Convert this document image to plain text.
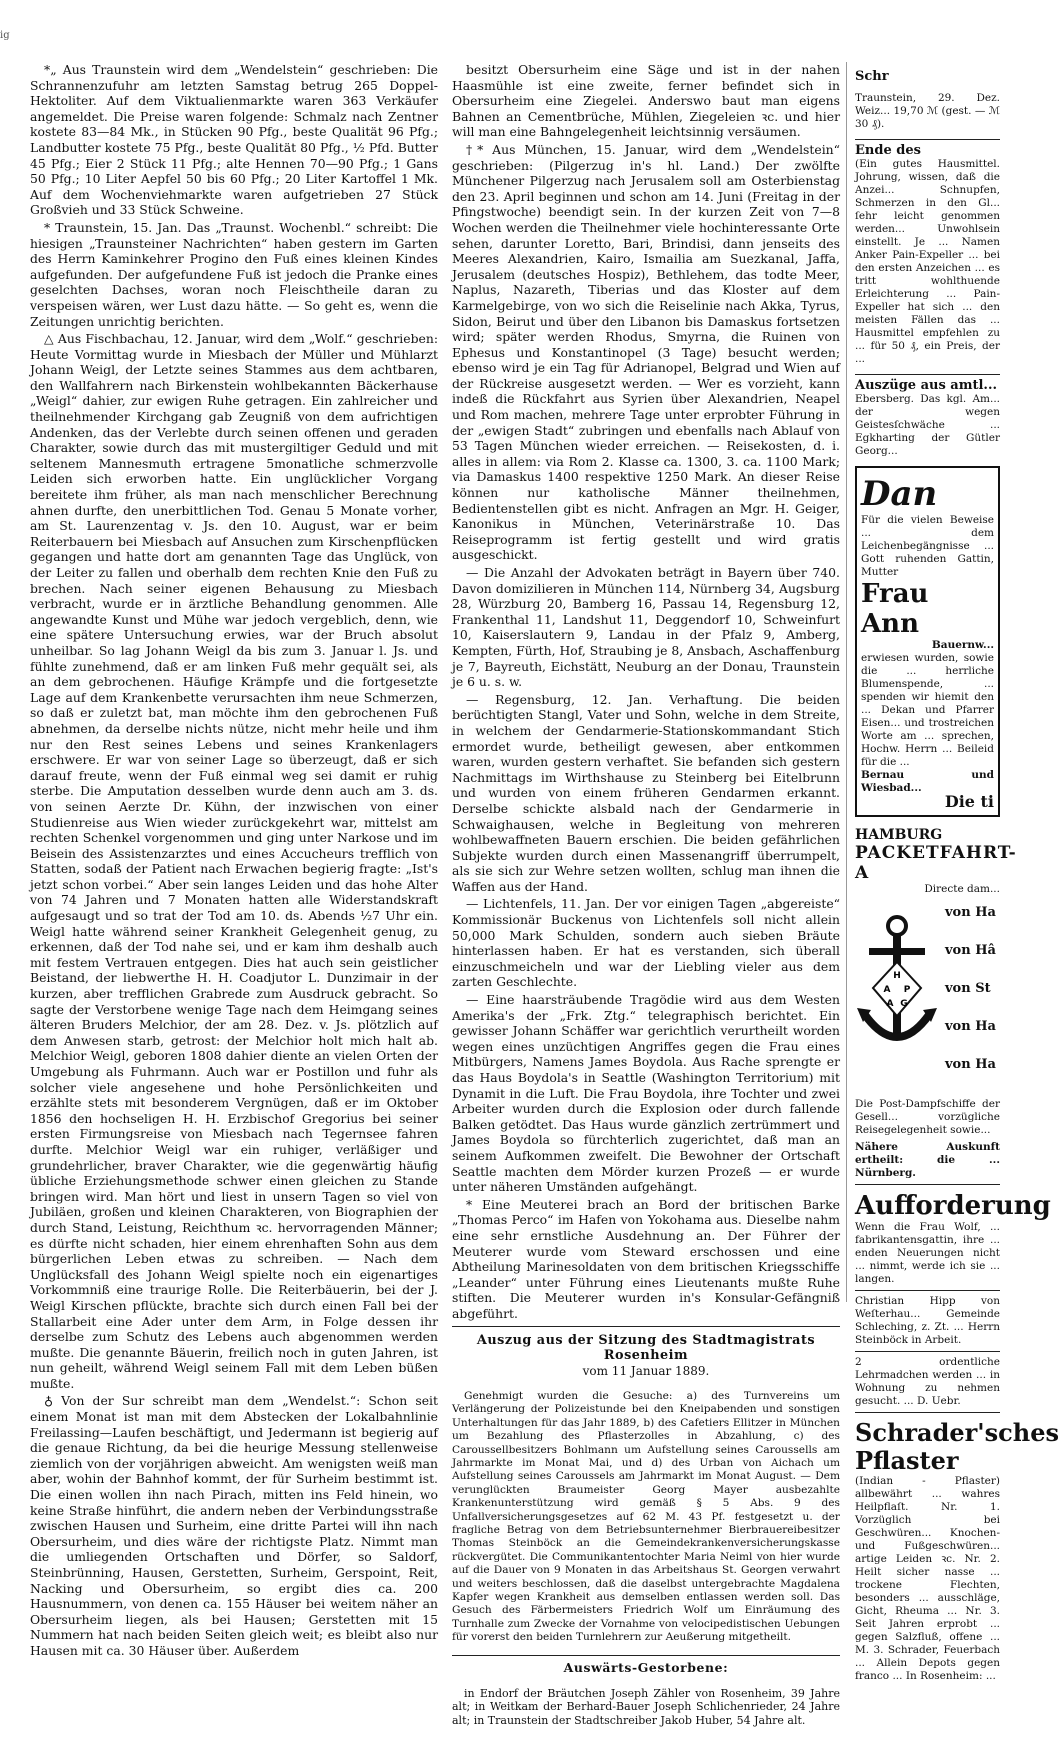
ig

*„ Aus Traunstein wird dem „Wendelstein“ geschrieben: Die Schrannenzufuhr am letzten Samstag betrug 265 Doppel-Hektoliter. Auf dem Viktualienmarkte waren 363 Verkäufer angemeldet. Die Preise waren folgende: Schmalz nach Zentner kostete 83—84 Mk., in Stücken 90 Pfg., beste Qualität 96 Pfg.; Landbutter kostete 75 Pfg., beste Qualität 80 Pfg., ½ Pfd. Butter 45 Pfg.; Eier 2 Stück 11 Pfg.; alte Hennen 70—90 Pfg.; 1 Gans 50 Pfg.; 10 Liter Aepfel 50 bis 60 Pfg.; 20 Liter Kartoffel 1 Mk. Auf dem Wochenviehmarkte waren aufgetrieben 27 Stück Großvieh und 33 Stück Schweine.

* Traunstein, 15. Jan. Das „Traunst. Wochenbl.“ schreibt: Die hiesigen „Traunsteiner Nachrichten“ haben gestern im Garten des Herrn Kaminkehrer Progino den Fuß eines kleinen Kindes aufgefunden. Der aufgefundene Fuß ist jedoch die Pranke eines geselchten Dachses, woran noch Fleischtheile daran zu verspeisen wären, wer Lust dazu hätte. — So geht es, wenn die Zeitungen unrichtig berichten.

△ Aus Fischbachau, 12. Januar, wird dem „Wolf.“ geschrieben: Heute Vormittag wurde in Miesbach der Müller und Mühlarzt Johann Weigl, der Letzte seines Stammes aus dem achtbaren, den Wallfahrern nach Birkenstein wohlbekannten Bäckerhause „Weigl“ dahier, zur ewigen Ruhe getragen. Ein zahlreicher und theilnehmender Kirchgang gab Zeugniß von dem aufrichtigen Andenken, das der Verlebte durch seinen offenen und geraden Charakter, sowie durch das mit mustergiltiger Geduld und mit seltenem Mannesmuth ertragene 5monatliche schmerzvolle Leiden sich erworben hatte. Ein unglücklicher Vorgang bereitete ihm früher, als man nach menschlicher Berechnung ahnen durfte, den unerbittlichen Tod. Genau 5 Monate vorher, am St. Laurenzentag v. Js. den 10. August, war er beim Reiterbauern bei Miesbach auf Ansuchen zum Kirschenpflücken gegangen und hatte dort am genannten Tage das Unglück, von der Leiter zu fallen und oberhalb dem rechten Knie den Fuß zu brechen. Nach seiner eigenen Behausung zu Miesbach verbracht, wurde er in ärztliche Behandlung genommen. Alle angewandte Kunst und Mühe war jedoch vergeblich, denn, wie eine spätere Untersuchung erwies, war der Bruch absolut unheilbar. So lag Johann Weigl da bis zum 3. Januar l. Js. und fühlte zunehmend, daß er am linken Fuß mehr gequält sei, als an dem gebrochenen. Häufige Krämpfe und die fortgesetzte Lage auf dem Krankenbette verursachten ihm neue Schmerzen, so daß er zuletzt bat, man möchte ihm den gebrochenen Fuß abnehmen, da derselbe nichts nütze, nicht mehr heile und ihm nur den Rest seines Lebens und seines Krankenlagers erschwere. Er war von seiner Lage so überzeugt, daß er sich darauf freute, wenn der Fuß einmal weg sei damit er ruhig sterbe. Die Amputation desselben wurde denn auch am 3. ds. von seinen Aerzte Dr. Kühn, der inzwischen von einer Studienreise aus Wien wieder zurückgekehrt war, mittelst am rechten Schenkel vorgenommen und ging unter Narkose und im Beisein des Assistenzarztes und eines Accucheurs trefflich von Statten, sodaß der Patient nach Erwachen begierig fragte: „Ist's jetzt schon vorbei.“ Aber sein langes Leiden und das hohe Alter von 74 Jahren und 7 Monaten hatten alle Widerstandskraft aufgesaugt und so trat der Tod am 10. ds. Abends ½7 Uhr ein. Weigl hatte während seiner Krankheit Gelegenheit genug, zu erkennen, daß der Tod nahe sei, und er kam ihm deshalb auch mit festem Vertrauen entgegen. Dies hat auch sein geistlicher Beistand, der liebwerthe H. H. Coadjutor L. Dunzimair in der kurzen, aber trefflichen Grabrede zum Ausdruck gebracht. So sagte der Verstorbene wenige Tage nach dem Heimgang seines älteren Bruders Melchior, der am 28. Dez. v. Js. plötzlich auf dem Anwesen starb, getrost: der Melchior holt mich halt ab. Melchior Weigl, geboren 1808 dahier diente an vielen Orten der Umgebung als Fuhrmann. Auch war er Postillon und fuhr als solcher viele angesehene und hohe Persönlichkeiten und erzählte stets mit besonderem Vergnügen, daß er im Oktober 1856 den hochseligen H. H. Erzbischof Gregorius bei seiner ersten Firmungsreise von Miesbach nach Tegernsee fahren durfte. Melchior Weigl war ein ruhiger, verläßiger und grundehrlicher, braver Charakter, wie die gegenwärtig häufig übliche Erziehungsmethode schwer einen gleichen zu Stande bringen wird. Man hört und liest in unsern Tagen so viel von Jubiläen, großen und kleinen Charakteren, von Biographien der durch Stand, Leistung, Reichthum ꝛc. hervorragenden Männer; es dürfte nicht schaden, hier einem ehrenhaften Sohn aus dem bürgerlichen Leben etwas zu schreiben. — Nach dem Unglücksfall des Johann Weigl spielte noch ein eigenartiges Vorkommniß eine traurige Rolle. Die Reiterbäuerin, bei der J. Weigl Kirschen pflückte, brachte sich durch einen Fall bei der Stallarbeit eine Ader unter dem Arm, in Folge dessen ihr derselbe zum Schutz des Lebens auch abgenommen werden mußte. Die genannte Bäuerin, freilich noch in guten Jahren, ist nun geheilt, während Weigl seinem Fall mit dem Leben büßen mußte.

♁ Von der Sur schreibt man dem „Wendelst.“: Schon seit einem Monat ist man mit dem Abstecken der Lokalbahnlinie Freilassing—Laufen beschäftigt, und Jedermann ist begierig auf die genaue Richtung, da bei die heurige Messung stellenweise ziemlich von der vorjährigen abweicht. Am wenigsten weiß man aber, wohin der Bahnhof kommt, der für Surheim bestimmt ist. Die einen wollen ihn nach Pirach, mitten ins Feld hinein, wo keine Straße hinführt, die andern neben der Verbindungsstraße zwischen Hausen und Surheim, eine dritte Partei will ihn nach Obersurheim, und dies wäre der richtigste Platz. Nimmt man die umliegenden Ortschaften und Dörfer, so Saldorf, Steinbrünning, Hausen, Gerstetten, Surheim, Gerspoint, Reit, Nacking und Obersurheim, so ergibt dies ca. 200 Hausnummern, von denen ca. 155 Häuser bei weitem näher an Obersurheim liegen, als bei Hausen; Gerstetten mit 15 Nummern hat nach beiden Seiten gleich weit; es bleibt also nur Hausen mit ca. 30 Häuser über. Außerdem

besitzt Obersurheim eine Säge und ist in der nahen Haasmühle ist eine zweite, ferner befindet sich in Obersurheim eine Ziegelei. Anderswo baut man eigens Bahnen an Cementbrüche, Mühlen, Ziegeleien ꝛc. und hier will man eine Bahngelegenheit leichtsinnig versäumen.

†* Aus München, 15. Januar, wird dem „Wendelstein“ geschrieben: (Pilgerzug in's hl. Land.) Der zwölfte Münchener Pilgerzug nach Jerusalem soll am Osterbienstag den 23. April beginnen und schon am 14. Juni (Freitag in der Pfingstwoche) beendigt sein. In der kurzen Zeit von 7—8 Wochen werden die Theilnehmer viele hochinteressante Orte sehen, darunter Loretto, Bari, Brindisi, dann jenseits des Meeres Alexandrien, Kairo, Ismailia am Suezkanal, Jaffa, Jerusalem (deutsches Hospiz), Bethlehem, das todte Meer, Naplus, Nazareth, Tiberias und das Kloster auf dem Karmelgebirge, von wo sich die Reiselinie nach Akka, Tyrus, Sidon, Beirut und über den Libanon bis Damaskus fortsetzen wird; später werden Rhodus, Smyrna, die Ruinen von Ephesus und Konstantinopel (3 Tage) besucht werden; ebenso wird je ein Tag für Adrianopel, Belgrad und Wien auf der Rückreise ausgesetzt werden. — Wer es vorzieht, kann indeß die Rückfahrt aus Syrien über Alexandrien, Neapel und Rom machen, mehrere Tage unter erprobter Führung in der „ewigen Stadt“ zubringen und ebenfalls nach Ablauf von 53 Tagen München wieder erreichen. — Reisekosten, d. i. alles in allem: via Rom 2. Klasse ca. 1300, 3. ca. 1100 Mark; via Damaskus 1400 respektive 1250 Mark. An dieser Reise können nur katholische Männer theilnehmen, Bedientenstellen gibt es nicht. Anfragen an Mgr. H. Geiger, Kanonikus in München, Veterinärstraße 10. Das Reiseprogramm ist fertig gestellt und wird gratis ausgeschickt.

— Die Anzahl der Advokaten beträgt in Bayern über 740. Davon domizilieren in München 114, Nürnberg 34, Augsburg 28, Würzburg 20, Bamberg 16, Passau 14, Regensburg 12, Frankenthal 11, Landshut 11, Deggendorf 10, Schweinfurt 10, Kaiserslautern 9, Landau in der Pfalz 9, Amberg, Kempten, Fürth, Hof, Straubing je 8, Ansbach, Aschaffenburg je 7, Bayreuth, Eichstätt, Neuburg an der Donau, Traunstein je 6 u. s. w.

— Regensburg, 12. Jan. Verhaftung. Die beiden berüchtigten Stangl, Vater und Sohn, welche in dem Streite, in welchem der Gendarmerie-Stationskommandant Stich ermordet wurde, betheiligt gewesen, aber entkommen waren, wurden gestern verhaftet. Sie befanden sich gestern Nachmittags im Wirthshause zu Steinberg bei Eitelbrunn und wurden von einem früheren Gendarmen erkannt. Derselbe schickte alsbald nach der Gendarmerie in Schwaighausen, welche in Begleitung von mehreren wohlbewaffneten Bauern erschien. Die beiden gefährlichen Subjekte wurden durch einen Massenangriff überrumpelt, als sie sich zur Wehre setzen wollten, schlug man ihnen die Waffen aus der Hand.

— Lichtenfels, 11. Jan. Der vor einigen Tagen „abgereiste“ Kommissionär Buckenus von Lichtenfels soll nicht allein 50,000 Mark Schulden, sondern auch sieben Bräute hinterlassen haben. Er hat es verstanden, sich überall einzuschmeicheln und war der Liebling vieler aus dem zarten Geschlechte.

— Eine haarsträubende Tragödie wird aus dem Westen Amerika's der „Frk. Ztg.“ telegraphisch berichtet. Ein gewisser Johann Schäffer war gerichtlich verurtheilt worden wegen eines unzüchtigen Angriffes gegen die Frau eines Mitbürgers, Namens James Boydola. Aus Rache sprengte er das Haus Boydola's in Seattle (Washington Territorium) mit Dynamit in die Luft. Die Frau Boydola, ihre Tochter und zwei Arbeiter wurden durch die Explosion oder durch fallende Balken getödtet. Das Haus wurde gänzlich zertrümmert und James Boydola so fürchterlich zugerichtet, daß man an seinem Aufkommen zweifelt. Die Bewohner der Ortschaft Seattle machten dem Mörder kurzen Prozeß — er wurde unter näheren Umständen aufgehängt.

* Eine Meuterei brach an Bord der britischen Barke „Thomas Perco“ im Hafen von Yokohama aus. Dieselbe nahm eine sehr ernstliche Ausdehnung an. Der Führer der Meuterer wurde vom Steward erschossen und eine Abtheilung Marinesoldaten von dem britischen Kriegsschiffe „Leander“ unter Führung eines Lieutenants mußte Ruhe stiften. Die Meuterer wurden in's Konsular-Gefängniß abgeführt.

Auszug aus der Sitzung des Stadtmagistrats Rosenheim
vom 11 Januar 1889.

Genehmigt wurden die Gesuche: a) des Turnvereins um Verlängerung der Polizeistunde bei den Kneipabenden und sonstigen Unterhaltungen für das Jahr 1889, b) des Cafetiers Ellitzer in München um Bezahlung des Pflasterzolles in Abzahlung, c) des Caroussellbesitzers Bohlmann um Aufstellung seines Caroussells am Jahrmarkte im Monat Mai, und d) des Urban von Aichach um Aufstellung seines Caroussels am Jahrmarkt im Monat August. — Dem verunglückten Braumeister Georg Mayer ausbezahlte Krankenunterstützung wird gemäß § 5 Abs. 9 des Unfallversicherungsgesetzes auf 62 M. 43 Pf. festgesetzt u. der fragliche Betrag von dem Betriebsunternehmer Bierbrauereibesitzer Thomas Steinböck an die Gemeindekrankenversicherungskasse rückvergütet. Die Communikantentochter Maria Neiml von hier wurde auf die Dauer von 9 Monaten in das Arbeitshaus St. Georgen verwahrt und weiters beschlossen, daß die daselbst untergebrachte Magdalena Kapfer wegen Krankheit aus demselben entlassen werden soll. Das Gesuch des Färbermeisters Friedrich Wolf um Einräumung des Turnhalle zum Zwecke der Vornahme von velocipedistischen Uebungen für vorerst den beiden Turnlehrern zur Aeußerung mitgetheilt.

Auswärts-Gestorbene:

in Endorf der Bräutchen Joseph Zähler von Rosenheim, 39 Jahre alt; in Weitkam der Berhard-Bauer Joseph Schlichenrieder, 24 Jahre alt; in Traunstein der Stadtschreiber Jakob Huber, 54 Jahre alt.

Schr
Traunstein, 29. Dez. Weiz... 19,70 ℳ (gest. — ℳ 30 ₰).
Ende des
(Ein gutes Hausmittel. Johrung, wissen, daß die Anzei... Schnupfen, Schmerzen in den Gl... ſehr leicht genommen werden... Unwohlsein einstellt. Je ... Namen Anker Pain-Expeller ... bei den ersten Anzeichen ... es tritt wohlthuende Erleichterung ... Pain-Expeller hat sich ... den meisten Fällen das ... Hausmittel empfehlen zu ... für 50 ₰, ein Preis, der ...
Auszüge aus amtl...
Ebersberg. Das kgl. Am... der wegen Geistesſchwäche ... Egkharting der Gütler Georg...
Dan
Für die vielen Beweise ... dem Leichenbegängnisse ... Gott ruhenden Gattin, Mutter
Frau Ann
Bauernw...
erwiesen wurden, sowie die ... herrliche Blumenspende, ... spenden wir hiemit den ... Dekan und Pfarrer Eisen... und trostreichen Worte am ... sprechen, Hochw. Herrn ... Beileid für die ...
Bernau und Wiesbad...
Die ti
HAMBURG
PACKETFAHRT-A
Directe dam...
H
A P
A G
von Ha
von Hâ
von St
von Ha
von Ha
Die Post-Dampfschiffe der Gesell... vorzügliche Reisegelegenheit sowie...
Nähere Auskunft ertheilt: die ... Nürnberg.
Aufforderung
Wenn die Frau Wolf, ... fabrikantensgattin, ihre ... enden Neuerungen nicht ... nimmt, werde ich sie ... langen.
Christian Hipp von Weſterhau... Gemeinde Schleching, z. Zt. ... Herrn Steinböck in Arbeit.
2 ordentliche Lehrmadchen werden ... in Wohnung zu nehmen gesucht. ... D. Uebr.
Schrader'sches Pflaster
(Indian - Pflaster) allbewährt ... wahres Heilpflaſt. Nr. 1. Vorzüglich bei Geschwüren... Knochen- und Fußgeschwüren... artige Leiden ꝛc. Nr. 2. Heilt sicher nasse ... trockene Flechten, besonders ... ausschläge, Gicht, Rheuma ... Nr. 3. Seit Jahren erprobt ... gegen Salzfluß, offene ... M. 3. Schrader, Feuerbach ... Allein Depots gegen franco ... In Rosenheim: ...
